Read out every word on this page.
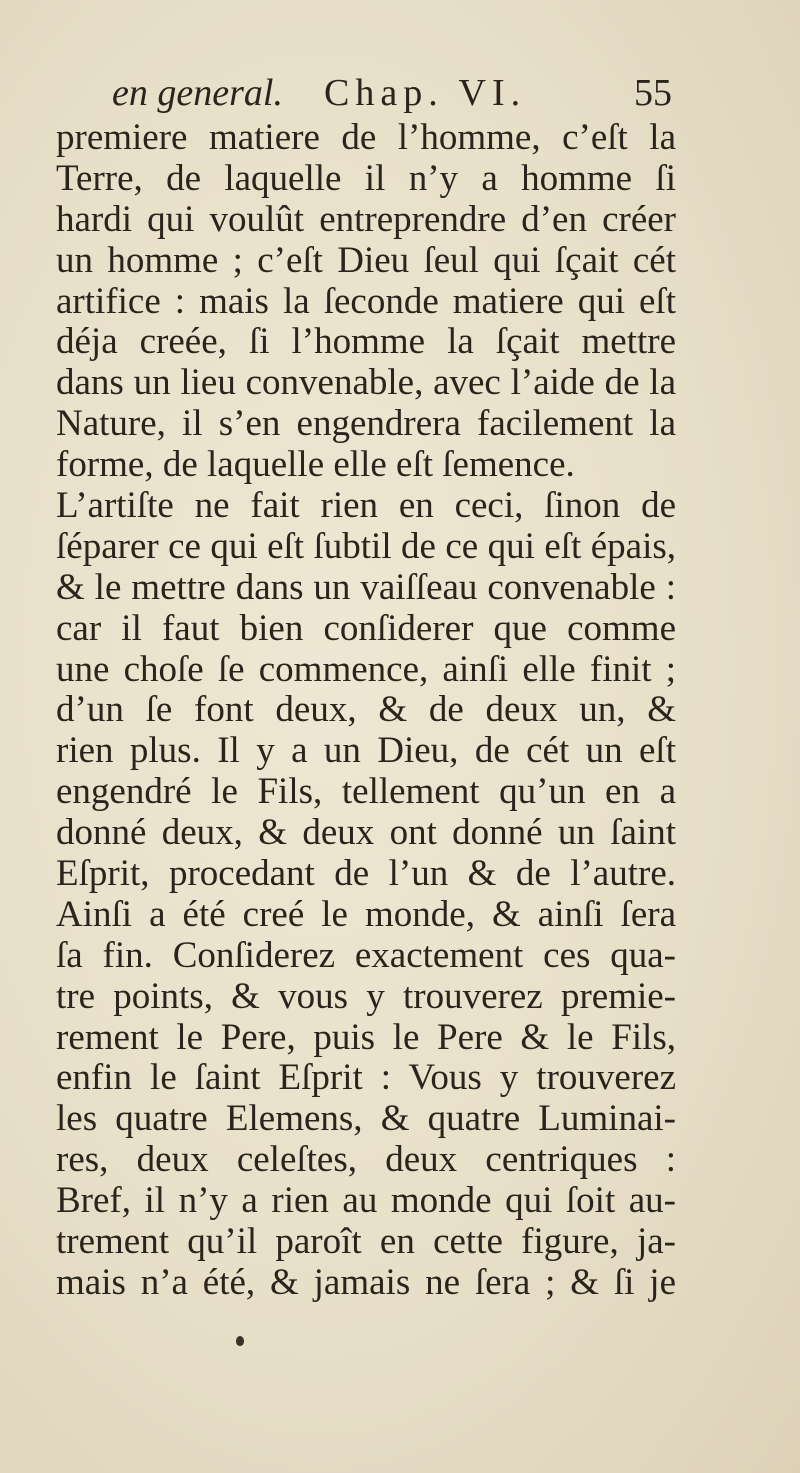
en general. Chap. VI.	55
premiere matiere de l’homme, c’eſt la
Terre, de laquelle il n’y a homme ſi
hardi qui voulût entreprendre d’en créer
un homme ; c’eſt Dieu ſeul qui ſçait cét
artifice : mais la ſeconde matiere qui eſt
déja creée, ſi l’homme la ſçait mettre
dans un lieu convenable, avec l’aide de la
Nature, il s’en engendrera facilement la
forme, de laquelle elle eſt ſemence.
L’artiſte ne fait rien en ceci, ſinon de
ſéparer ce qui eſt ſubtil de ce qui eſt épais,
& le mettre dans un vaiſſeau convenable :
car il faut bien conſiderer que comme
une choſe ſe commence, ainſi elle finit ;
d’un ſe font deux, & de deux un, &
rien plus. Il y a un Dieu, de cét un eſt
engendré le Fils, tellement qu’un en a
donné deux, & deux ont donné un ſaint
Eſprit, procedant de l’un & de l’autre.
Ainſi a été creé le monde, & ainſi ſera
ſa fin. Conſiderez exactement ces qua-
tre points, & vous y trouverez premie-
rement le Pere, puis le Pere & le Fils,
enfin le ſaint Eſprit : Vous y trouverez
les quatre Elemens, & quatre Luminai-
res, deux celeſtes, deux centriques :
Bref, il n’y a rien au monde qui ſoit au-
trement qu’il paroît en cette figure, ja-
mais n’a été, & jamais ne ſera ; & ſi je
